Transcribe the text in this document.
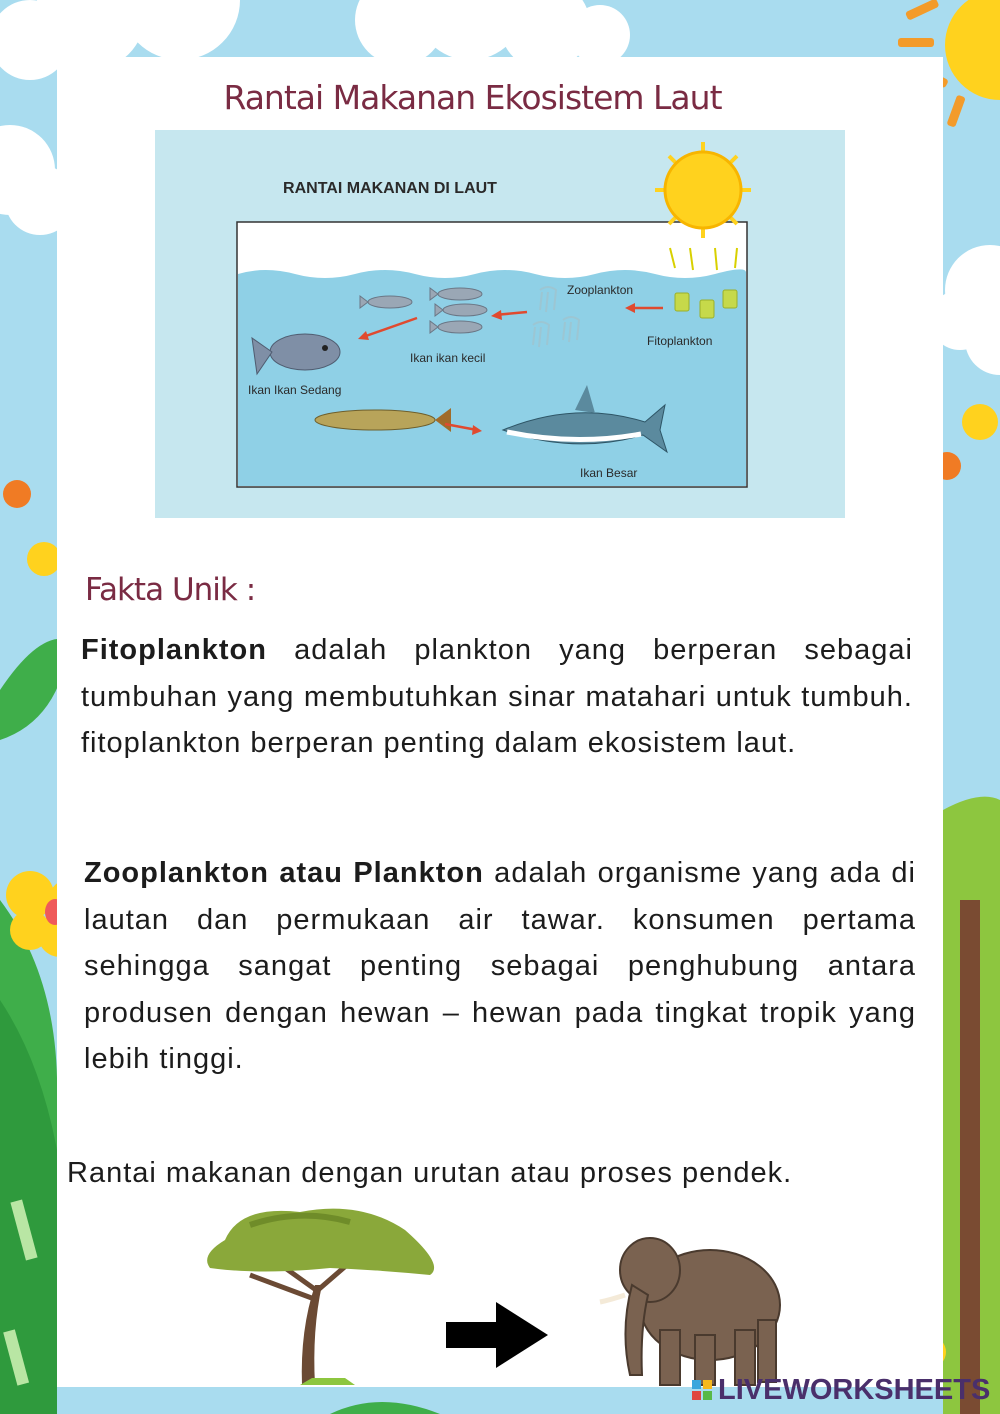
Rantai Makanan Ekosistem Laut
RANTAI MAKANAN DI LAUT
Fitoplankton
Zooplankton
Ikan ikan kecil
Ikan Ikan Sedang
Ikan Besar
Fakta Unik :

Fitoplankton adalah plankton yang berperan sebagai tumbuhan yang membutuhkan sinar matahari untuk tumbuh. fitoplankton berperan penting dalam ekosistem laut.

Zooplankton atau Plankton adalah organisme yang ada di lautan dan permukaan air tawar. konsumen pertama sehingga sangat penting sebagai penghubung antara produsen dengan hewan – hewan pada tingkat tropik yang lebih tinggi.

Rantai makanan dengan urutan atau proses pendek.

LIVEWORKSHEETS
